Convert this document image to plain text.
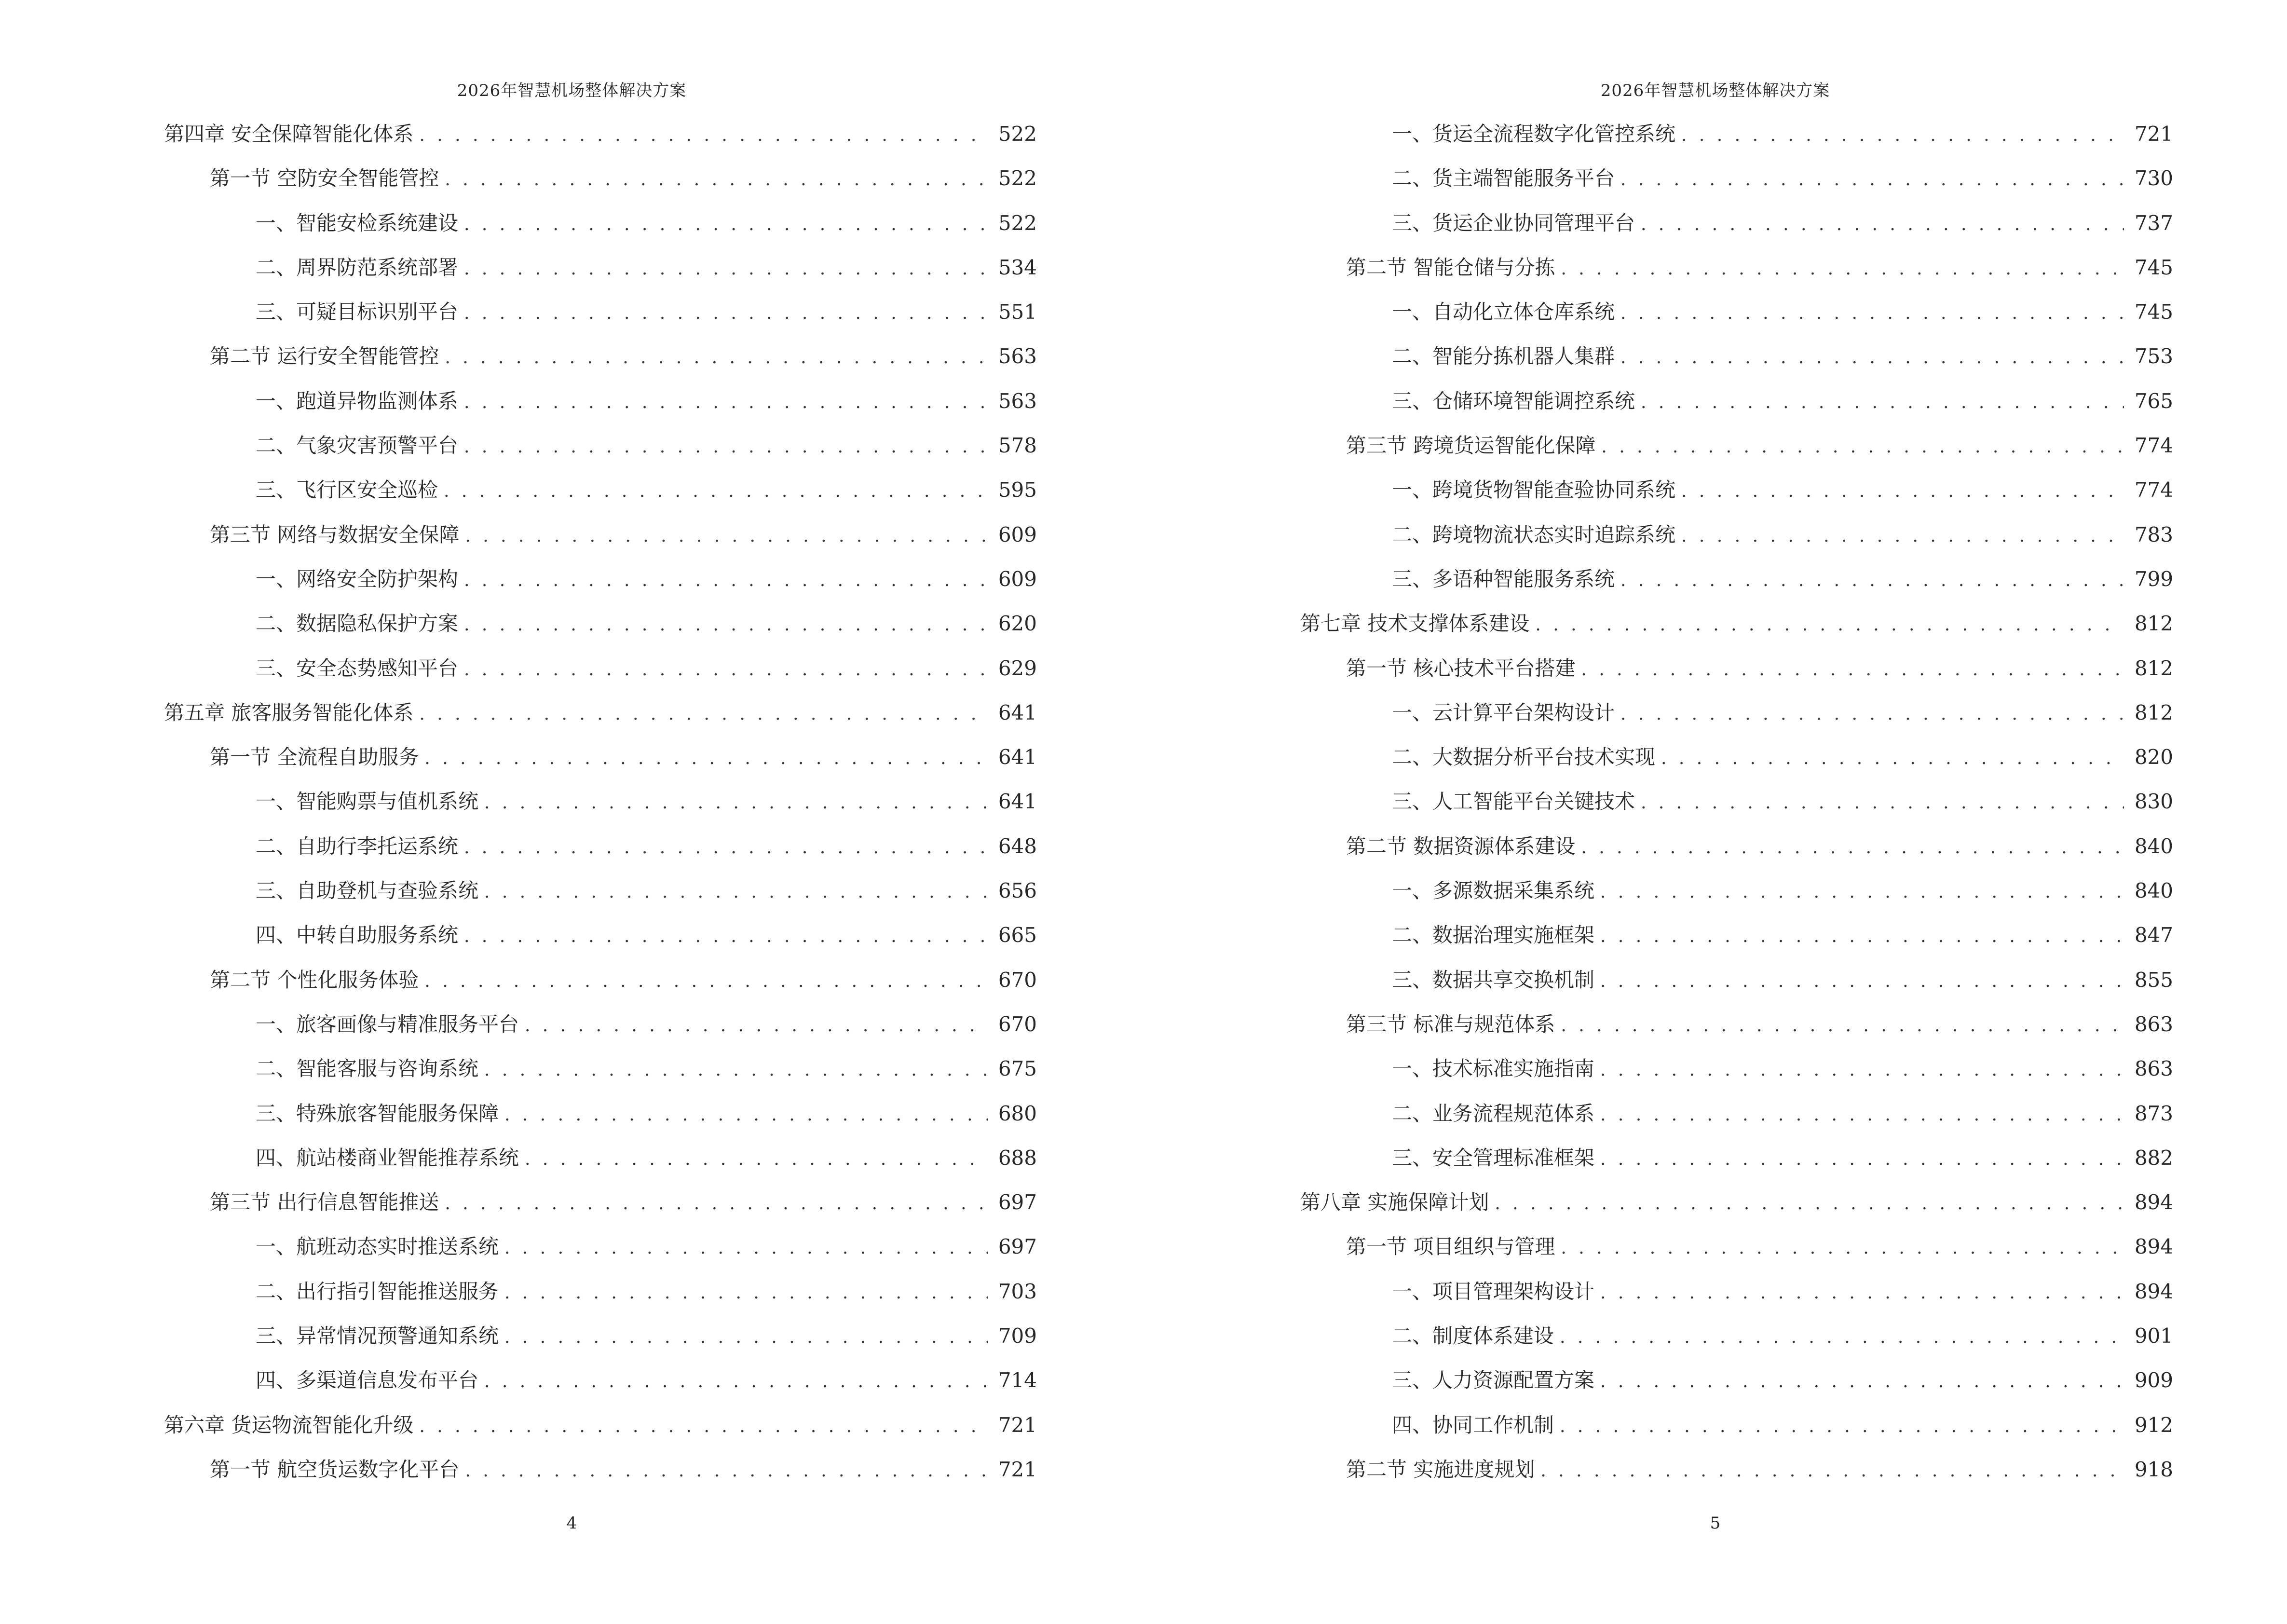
2026年智慧机场整体解决方案
第四章 安全保障智能化体系 . . .	522
第一节 空防安全智能管控 . . .	522
一、智能安检系统建设 . . .	522
二、周界防范系统部署 . . .	534
三、可疑目标识别平台 . . .	551
第二节 运行安全智能管控 . . .	563
一、跑道异物监测体系 . . .	563
二、气象灾害预警平台 . . .	578
三、飞行区安全巡检 . . .	595
第三节 网络与数据安全保障 . . .	609
一、网络安全防护架构 . . .	609
二、数据隐私保护方案 . . .	620
三、安全态势感知平台 . . .	629
第五章 旅客服务智能化体系 . . .	641
第一节 全流程自助服务 . . .	641
一、智能购票与值机系统 . . .	641
二、自助行李托运系统 . . .	648
三、自助登机与查验系统 . . .	656
四、中转自助服务系统 . . .	665
第二节 个性化服务体验 . . .	670
一、旅客画像与精准服务平台 . . .	670
二、智能客服与咨询系统 . . .	675
三、特殊旅客智能服务保障 . . .	680
四、航站楼商业智能推荐系统 . . .	688
第三节 出行信息智能推送 . . .	697
一、航班动态实时推送系统 . . .	697
二、出行指引智能推送服务 . . .	703
三、异常情况预警通知系统 . . .	709
四、多渠道信息发布平台 . . .	714
第六章 货运物流智能化升级 . . .	721
第一节 航空货运数字化平台 . . .	721
4
2026年智慧机场整体解决方案
一、货运全流程数字化管控系统 . . .	721
二、货主端智能服务平台 . . .	730
三、货运企业协同管理平台 . . .	737
第二节 智能仓储与分拣 . . .	745
一、自动化立体仓库系统 . . .	745
二、智能分拣机器人集群 . . .	753
三、仓储环境智能调控系统 . . .	765
第三节 跨境货运智能化保障 . . .	774
一、跨境货物智能查验协同系统 . . .	774
二、跨境物流状态实时追踪系统 . . .	783
三、多语种智能服务系统 . . .	799
第七章 技术支撑体系建设 . . .	812
第一节 核心技术平台搭建 . . .	812
一、云计算平台架构设计 . . .	812
二、大数据分析平台技术实现 . . .	820
三、人工智能平台关键技术 . . .	830
第二节 数据资源体系建设 . . .	840
一、多源数据采集系统 . . .	840
二、数据治理实施框架 . . .	847
三、数据共享交换机制 . . .	855
第三节 标准与规范体系 . . .	863
一、技术标准实施指南 . . .	863
二、业务流程规范体系 . . .	873
三、安全管理标准框架 . . .	882
第八章 实施保障计划 . . .	894
第一节 项目组织与管理 . . .	894
一、项目管理架构设计 . . .	894
二、制度体系建设 . . .	901
三、人力资源配置方案 . . .	909
四、协同工作机制 . . .	912
第二节 实施进度规划 . . .	918
5
